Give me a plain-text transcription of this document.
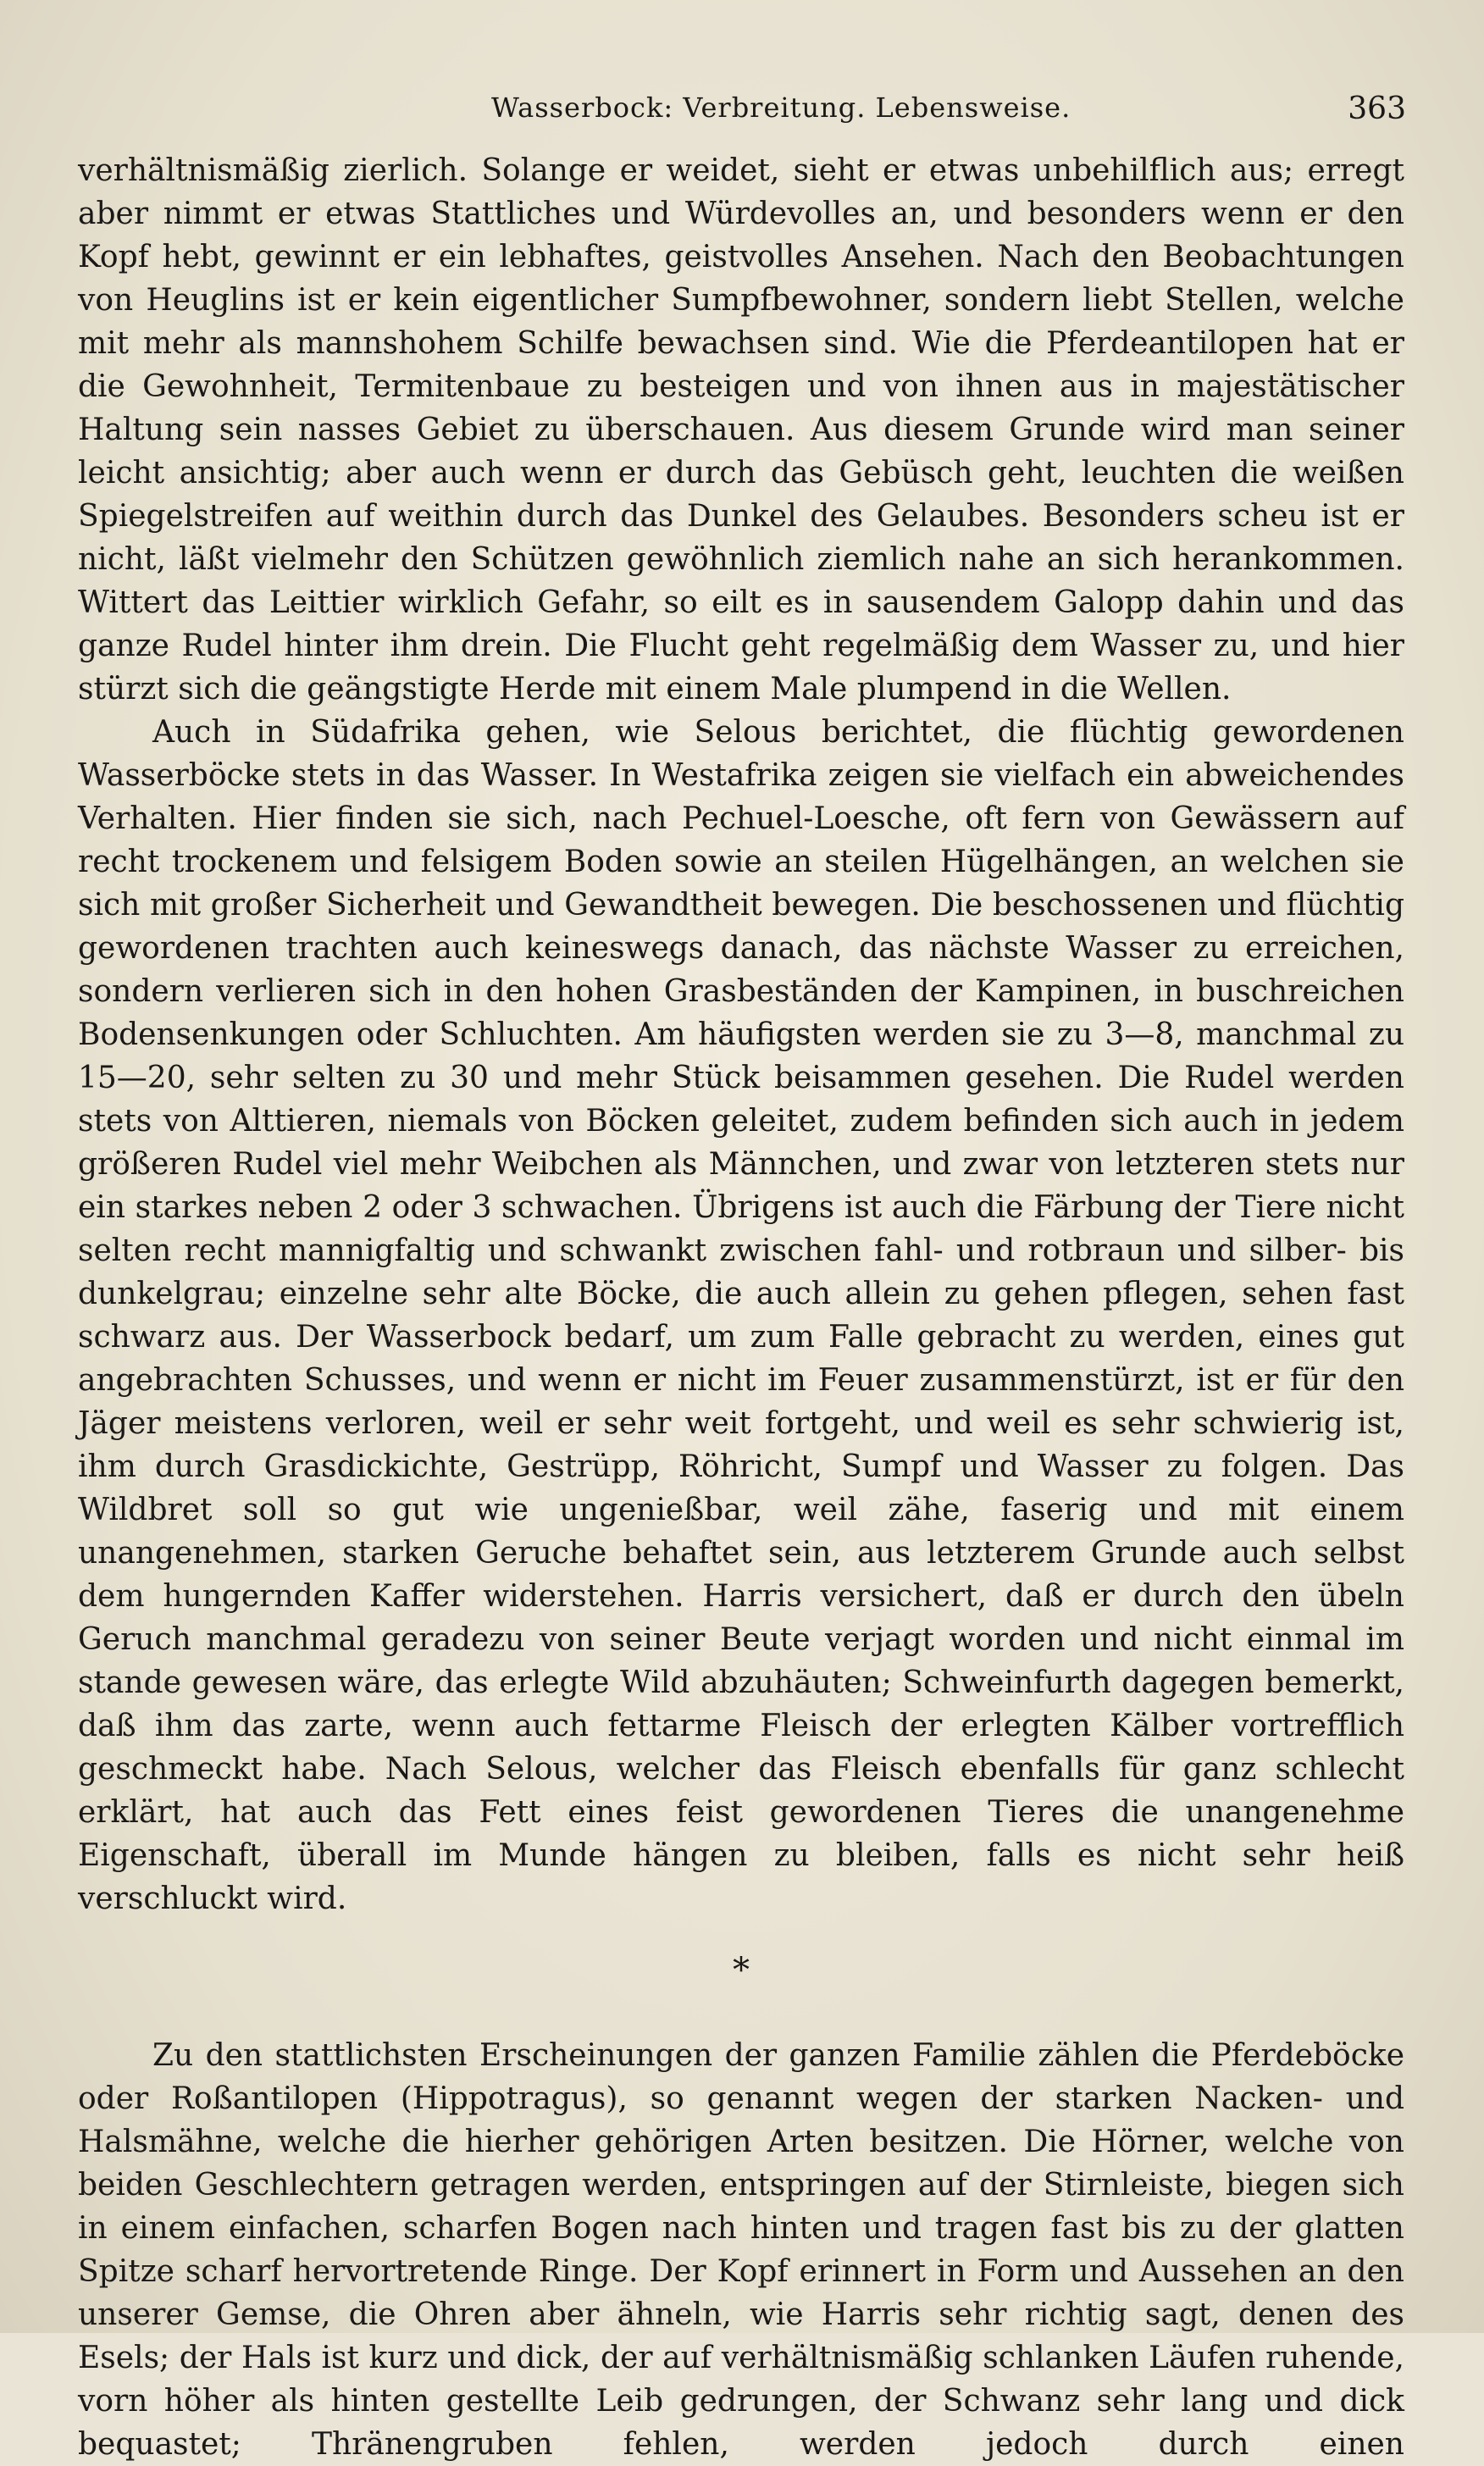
Wasserbock: Verbreitung. Lebensweise.	363

verhältnismäßig zierlich. Solange er weidet, sieht er etwas unbehilflich aus; erregt aber nimmt er etwas Stattliches und Würdevolles an, und besonders wenn er den Kopf hebt, gewinnt er ein lebhaftes, geistvolles Ansehen. Nach den Beobachtungen von Heuglins ist er kein eigentlicher Sumpfbewohner, sondern liebt Stellen, welche mit mehr als mannshohem Schilfe bewachsen sind. Wie die Pferdeantilopen hat er die Gewohnheit, Termitenbaue zu besteigen und von ihnen aus in majestätischer Haltung sein nasses Gebiet zu überschauen. Aus diesem Grunde wird man seiner leicht ansichtig; aber auch wenn er durch das Gebüsch geht, leuchten die weißen Spiegelstreifen auf weithin durch das Dunkel des Gelaubes. Besonders scheu ist er nicht, läßt vielmehr den Schützen gewöhnlich ziemlich nahe an sich herankommen. Wittert das Leittier wirklich Gefahr, so eilt es in sausendem Galopp dahin und das ganze Rudel hinter ihm drein. Die Flucht geht regelmäßig dem Wasser zu, und hier stürzt sich die geängstigte Herde mit einem Male plumpend in die Wellen.

Auch in Südafrika gehen, wie Selous berichtet, die flüchtig gewordenen Wasserböcke stets in das Wasser. In Westafrika zeigen sie vielfach ein abweichendes Verhalten. Hier finden sie sich, nach Pechuel-Loesche, oft fern von Gewässern auf recht trockenem und felsigem Boden sowie an steilen Hügelhängen, an welchen sie sich mit großer Sicherheit und Gewandtheit bewegen. Die beschossenen und flüchtig gewordenen trachten auch keineswegs danach, das nächste Wasser zu erreichen, sondern verlieren sich in den hohen Grasbeständen der Kampinen, in buschreichen Bodensenkungen oder Schluchten. Am häufigsten werden sie zu 3—8, manchmal zu 15—20, sehr selten zu 30 und mehr Stück beisammen gesehen. Die Rudel werden stets von Alttieren, niemals von Böcken geleitet, zudem befinden sich auch in jedem größeren Rudel viel mehr Weibchen als Männchen, und zwar von letzteren stets nur ein starkes neben 2 oder 3 schwachen. Übrigens ist auch die Färbung der Tiere nicht selten recht mannigfaltig und schwankt zwischen fahl- und rotbraun und silber- bis dunkelgrau; einzelne sehr alte Böcke, die auch allein zu gehen pflegen, sehen fast schwarz aus. Der Wasserbock bedarf, um zum Falle gebracht zu werden, eines gut angebrachten Schusses, und wenn er nicht im Feuer zusammenstürzt, ist er für den Jäger meistens verloren, weil er sehr weit fortgeht, und weil es sehr schwierig ist, ihm durch Grasdickichte, Gestrüpp, Röhricht, Sumpf und Wasser zu folgen. Das Wildbret soll so gut wie ungenießbar, weil zähe, faserig und mit einem unangenehmen, starken Geruche behaftet sein, aus letzterem Grunde auch selbst dem hungernden Kaffer widerstehen. Harris versichert, daß er durch den übeln Geruch manchmal geradezu von seiner Beute verjagt worden und nicht einmal im stande gewesen wäre, das erlegte Wild abzuhäuten; Schweinfurth dagegen bemerkt, daß ihm das zarte, wenn auch fettarme Fleisch der erlegten Kälber vortrefflich geschmeckt habe. Nach Selous, welcher das Fleisch ebenfalls für ganz schlecht erklärt, hat auch das Fett eines feist gewordenen Tieres die unangenehme Eigenschaft, überall im Munde hängen zu bleiben, falls es nicht sehr heiß verschluckt wird.

*

Zu den stattlichsten Erscheinungen der ganzen Familie zählen die Pferdeböcke oder Roßantilopen (Hippotragus), so genannt wegen der starken Nacken- und Halsmähne, welche die hierher gehörigen Arten besitzen. Die Hörner, welche von beiden Geschlechtern getragen werden, entspringen auf der Stirnleiste, biegen sich in einem einfachen, scharfen Bogen nach hinten und tragen fast bis zu der glatten Spitze scharf hervortretende Ringe. Der Kopf erinnert in Form und Aussehen an den unserer Gemse, die Ohren aber ähneln, wie Harris sehr richtig sagt, denen des Esels; der Hals ist kurz und dick, der auf verhältnismäßig schlanken Läufen ruhende, vorn höher als hinten gestellte Leib gedrungen, der Schwanz sehr lang und dick bequastet; Thränengruben fehlen, werden jedoch durch einen
